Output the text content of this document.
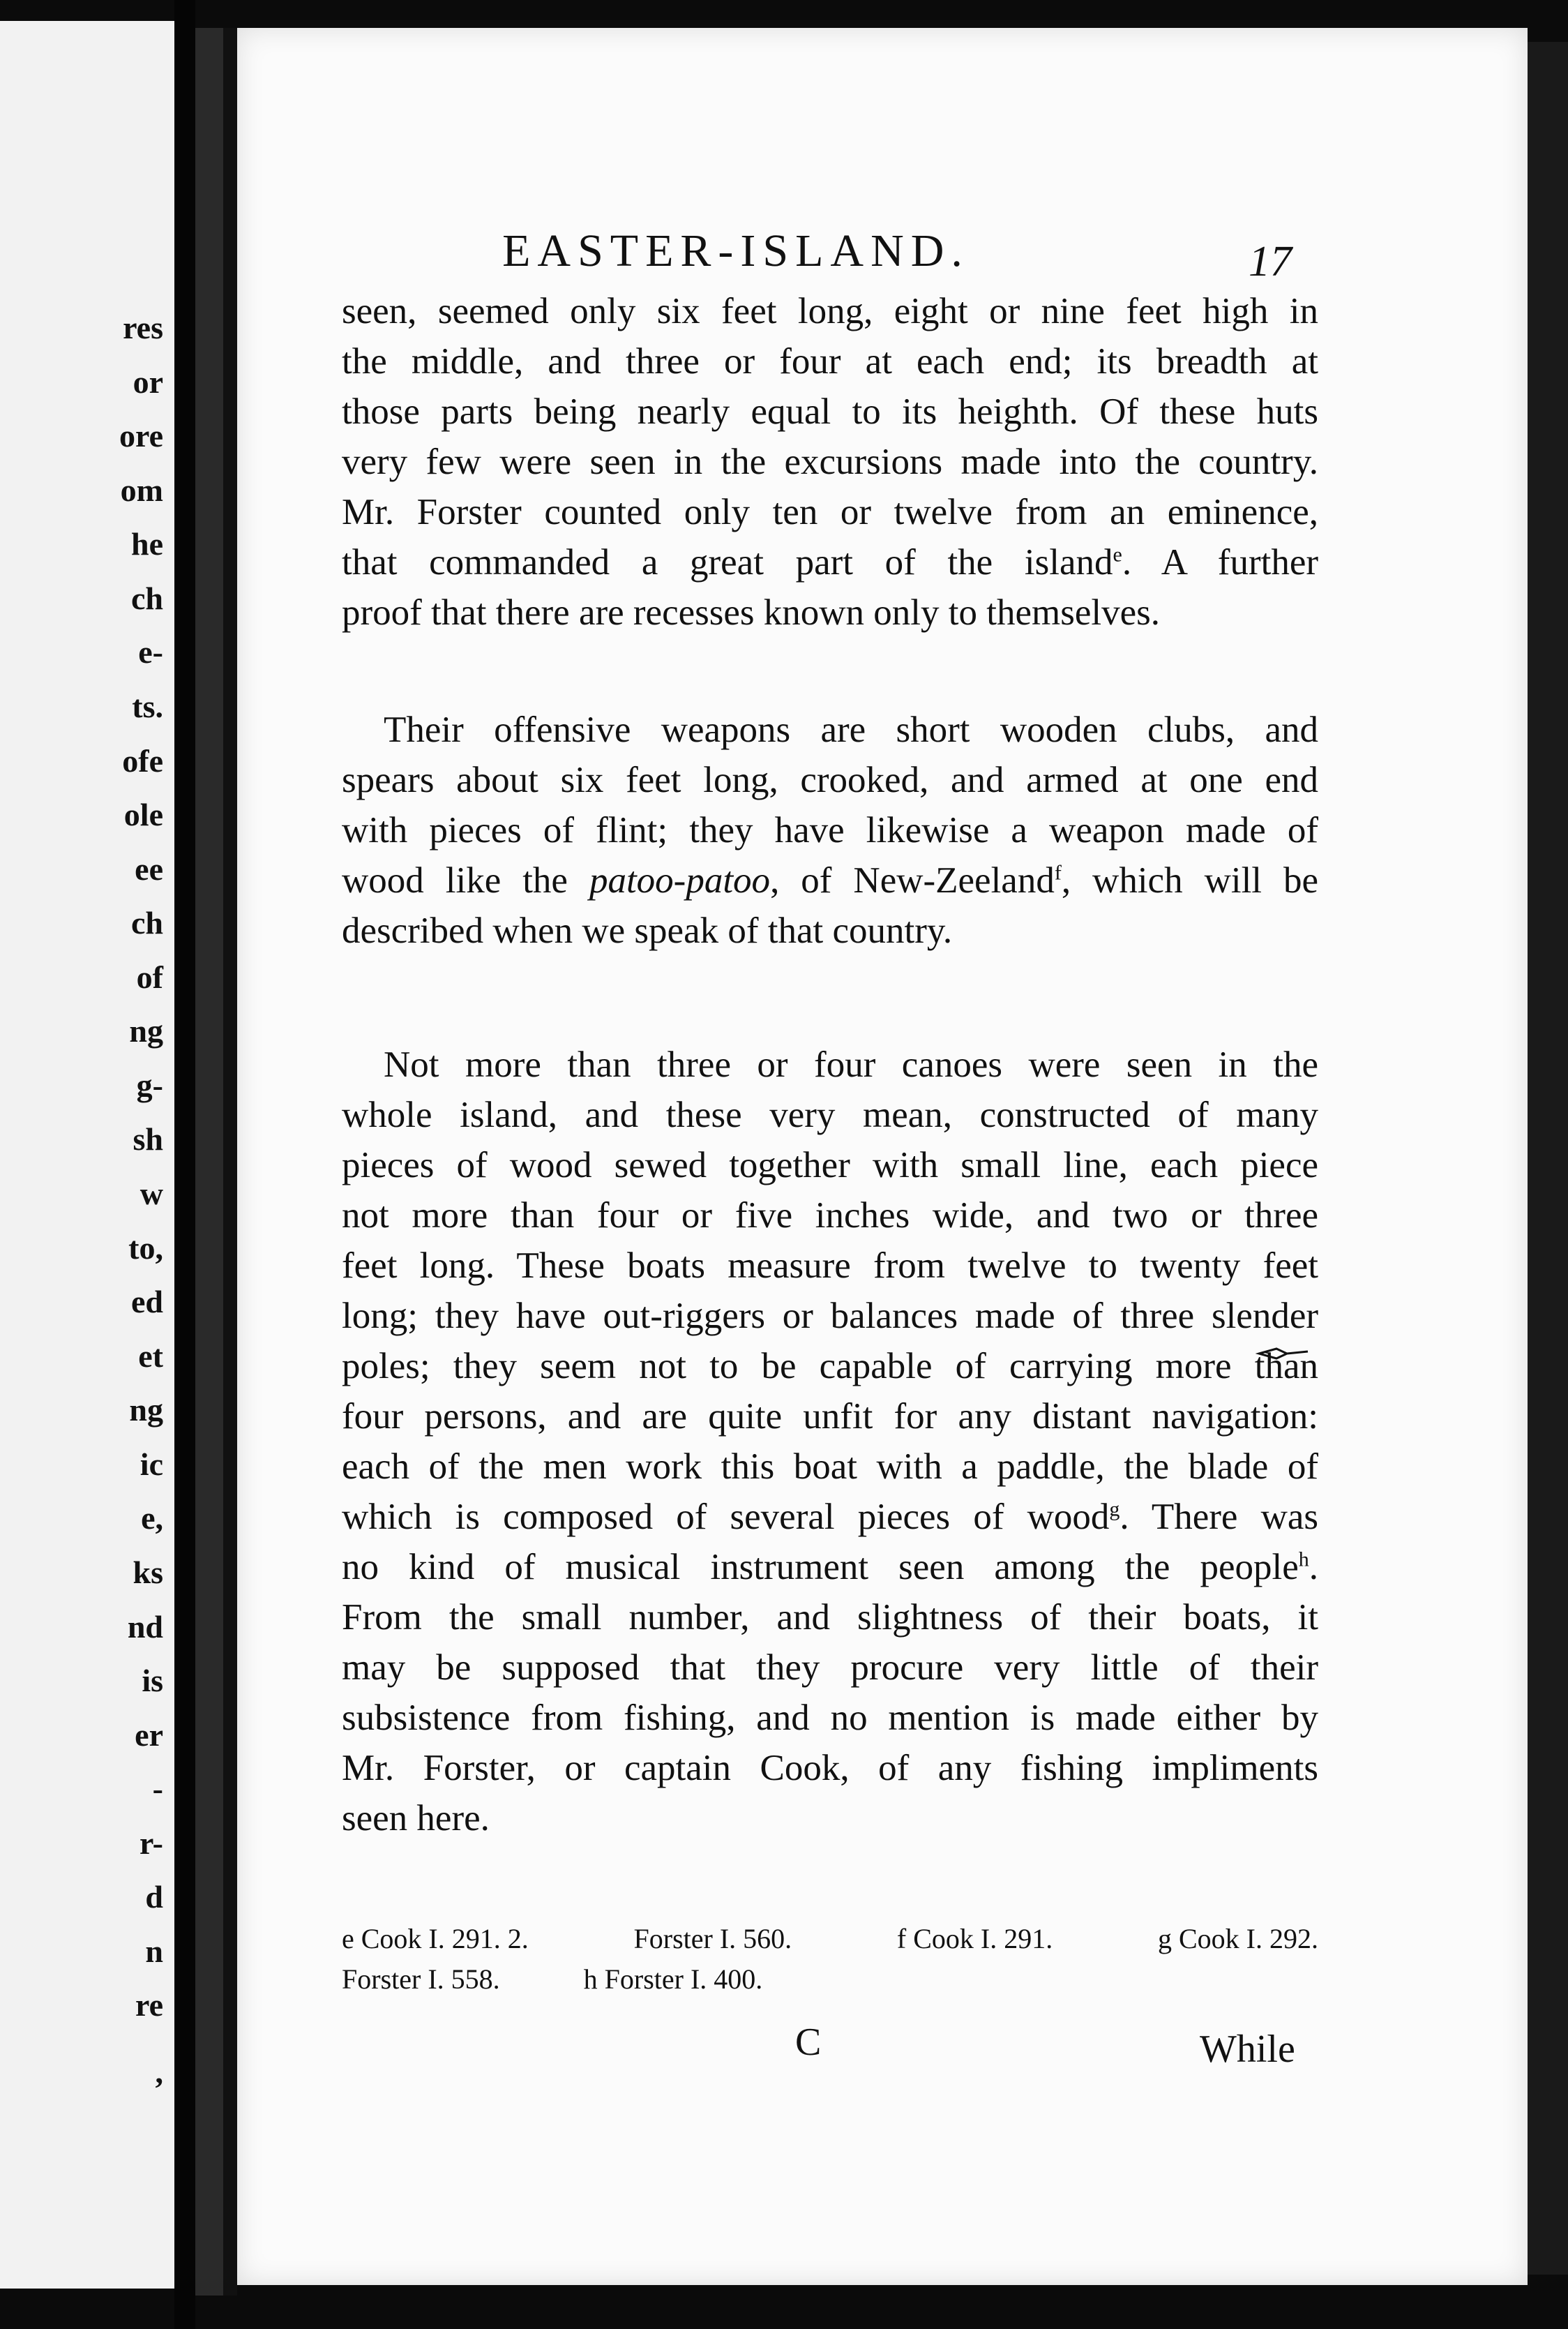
res
or
ore
om
he
ch
e-
ts.
ofe
ole
ee
ch
of
ng
g-
sh
w
to,
ed
et
ng
ic
e,
ks
nd
is
er
-
r-
d
n
re
,
EASTER-ISLAND.	17
seen, seemed only six feet long, eight or nine feet high in
the middle, and three or four at each end; its breadth at
those parts being nearly equal to its heighth. Of these huts
very few were seen in the excursions made into the country.
Mr. Forster counted only ten or twelve from an eminence,
that commanded a great part of the island$^e$. A further
proof that there are recesses known only to themselves.
Their offensive weapons are short wooden clubs, and
spears about six feet long, crooked, and armed at one end
with pieces of flint; they have likewise a weapon made of
wood like the patoo-patoo, of New-Zeeland$^f$, which will be
described when we speak of that country.
Not more than three or four canoes were seen in the
whole island, and these very mean, constructed of many
pieces of wood sewed together with small line, each piece
not more than four or five inches wide, and two or three
feet long. These boats measure from twelve to twenty feet
long; they have out-riggers or balances made of three slender
poles; they seem not to be capable of carrying more than
four persons, and are quite unfit for any distant navigation:
each of the men work this boat with a paddle, the blade of
which is composed of several pieces of wood$^g$. There was
no kind of musical instrument seen among the people$^h$.
From the small number, and slightness of their boats, it
may be supposed that they procure very little of their
subsistence from fishing, and no mention is made either by
Mr. Forster, or captain Cook, of any fishing impliments
seen here.
e Cook I. 291. 2.	Forster I. 560.	f Cook I. 291.	g Cook I. 292.
Forster I. 558.	h Forster I. 400.
C	While
